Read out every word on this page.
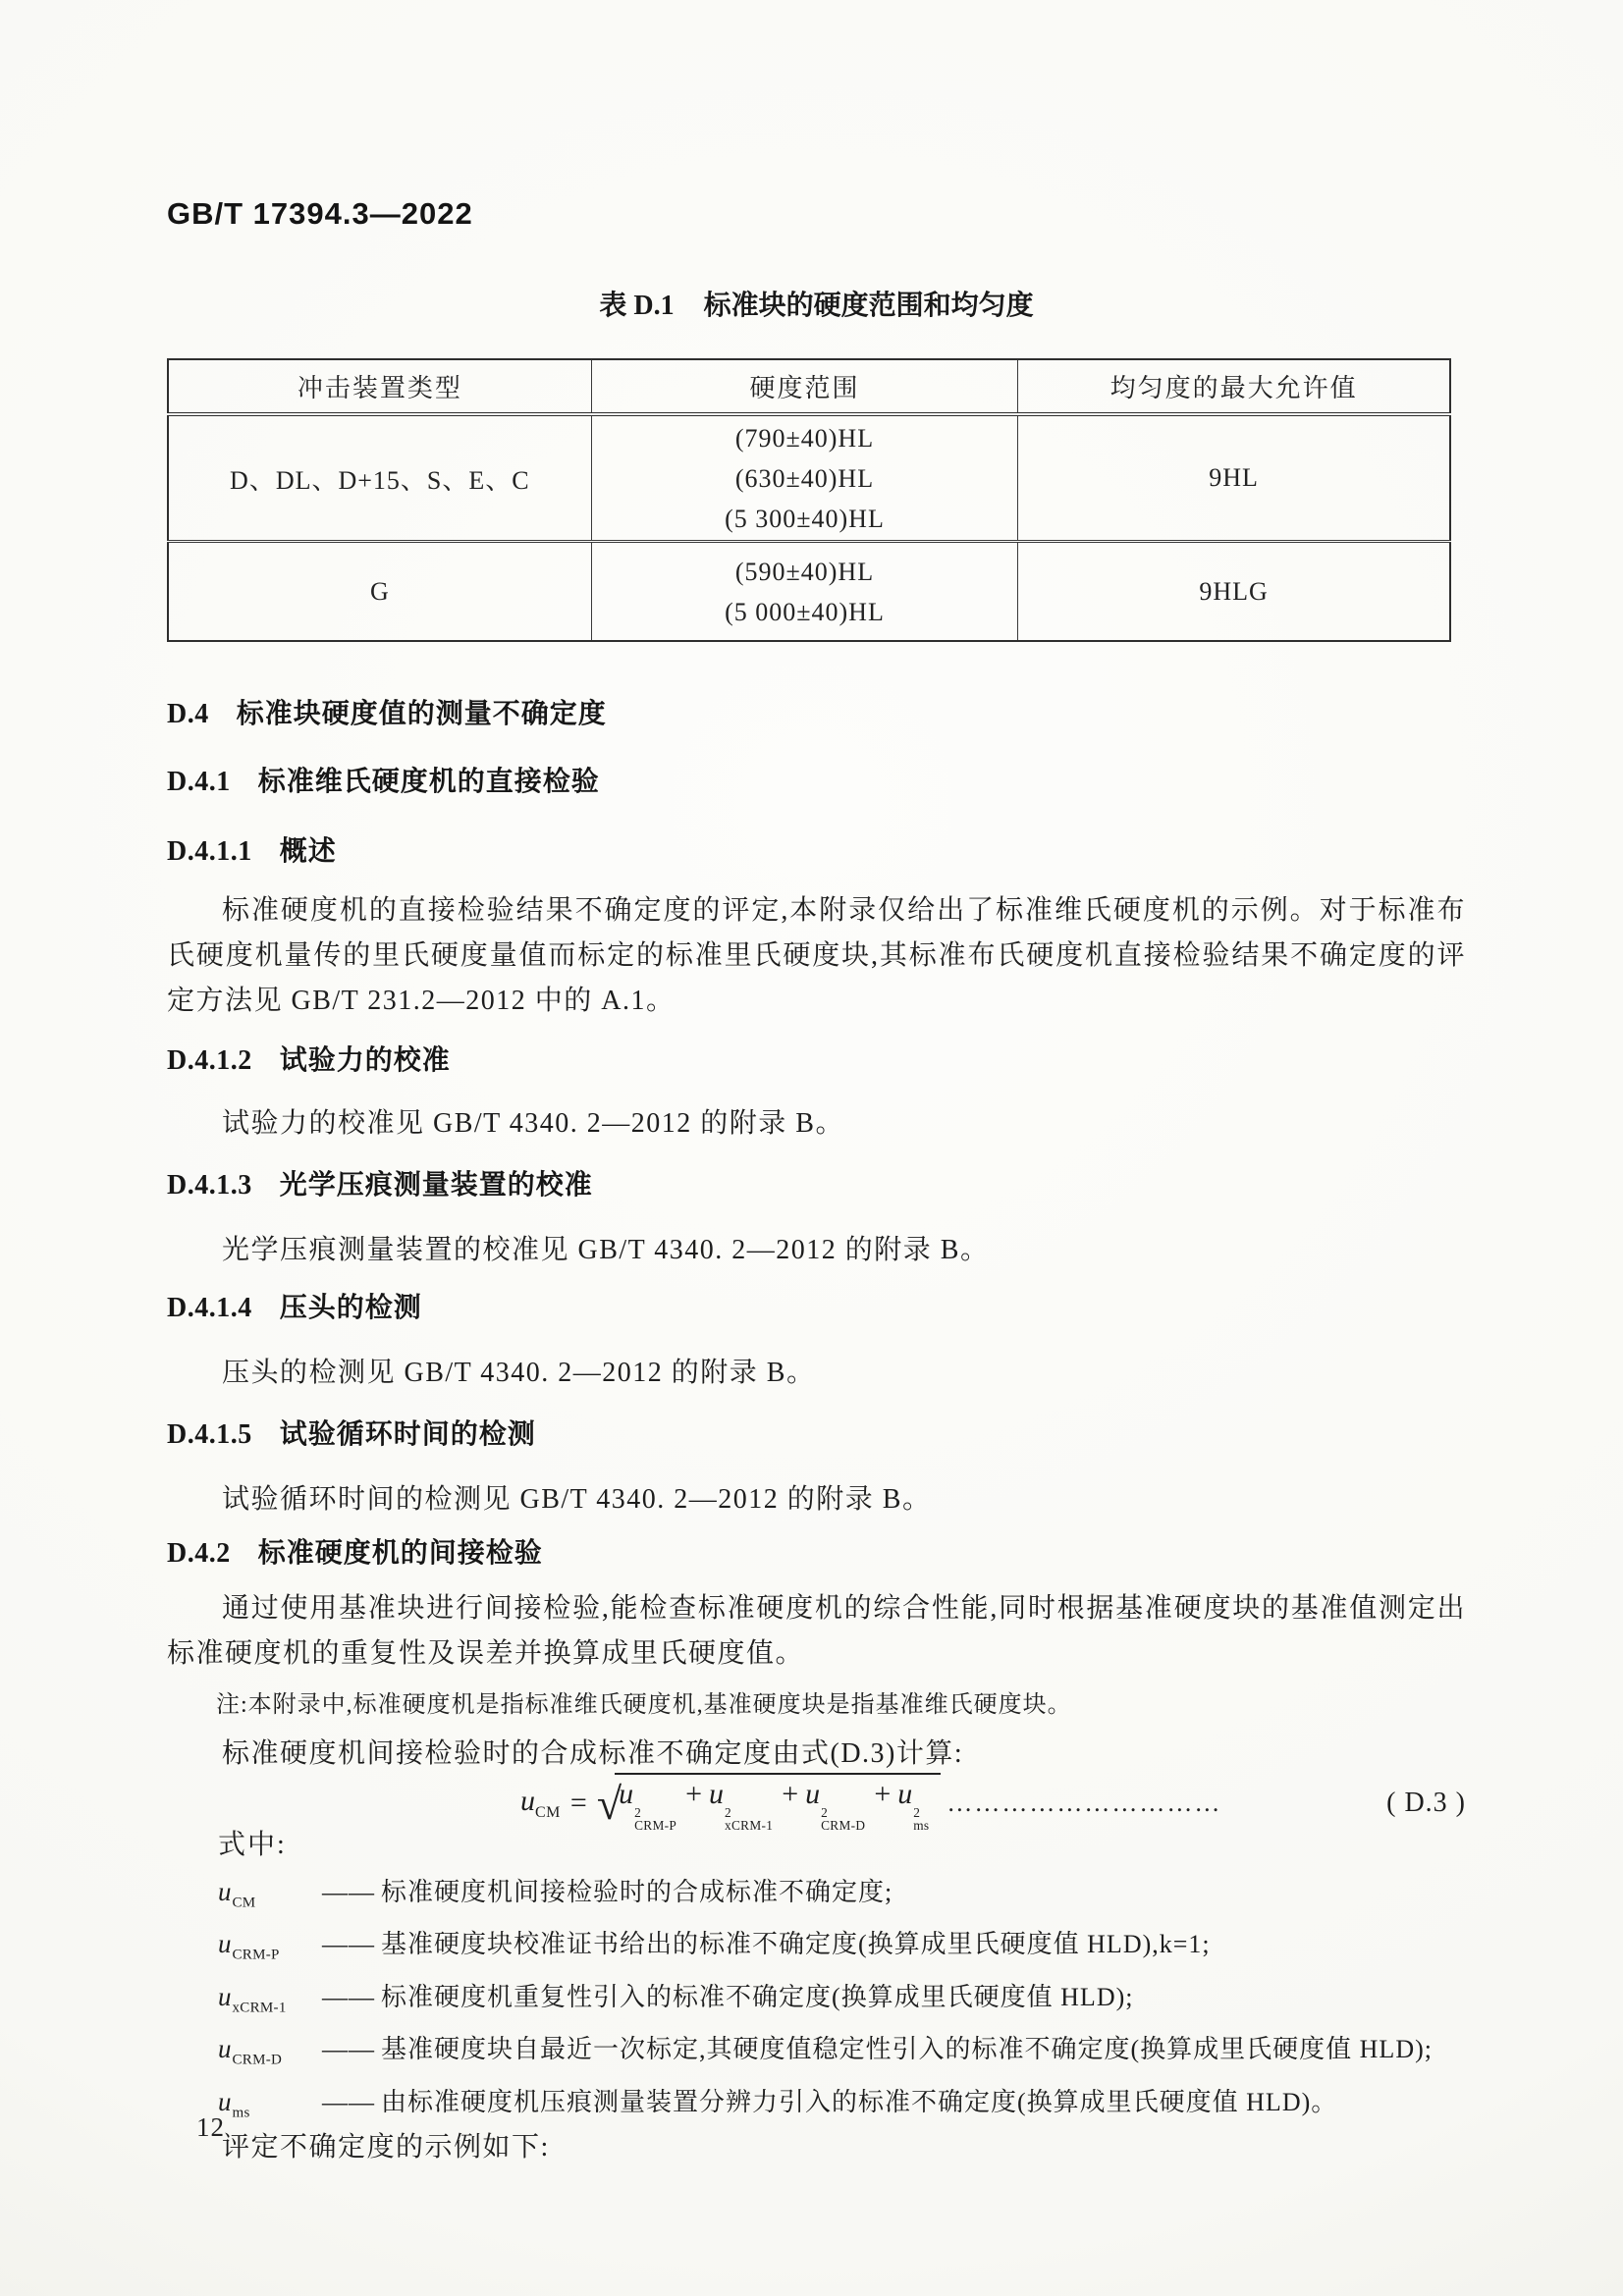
GB/T 17394.3—2022

表 D.1 标准块的硬度范围和均匀度
冲击装置类型	硬度范围	均匀度的最大允许值
D、DL、D+15、S、E、C	(790±40)HL
(630±40)HL
(5 300±40)HL	9HL
G	(590±40)HL
(5 000±40)HL	9HLG
D.4 标准块硬度值的测量不确定度
D.4.1 标准维氏硬度机的直接检验
D.4.1.1 概述

标准硬度机的直接检验结果不确定度的评定,本附录仅给出了标准维氏硬度机的示例。对于标准布氏硬度机量传的里氏硬度量值而标定的标准里氏硬度块,其标准布氏硬度机直接检验结果不确定度的评定方法见 GB/T 231.2—2012 中的 A.1。

D.4.1.2 试验力的校准

试验力的校准见 GB/T 4340. 2—2012 的附录 B。

D.4.1.3 光学压痕测量装置的校准

光学压痕测量装置的校准见 GB/T 4340. 2—2012 的附录 B。

D.4.1.4 压头的检测

压头的检测见 GB/T 4340. 2—2012 的附录 B。

D.4.1.5 试验循环时间的检测

试验循环时间的检测见 GB/T 4340. 2—2012 的附录 B。

D.4.2 标准硬度机的间接检验

通过使用基准块进行间接检验,能检查标准硬度机的综合性能,同时根据基准硬度块的基准值测定出标准硬度机的重复性及误差并换算成里氏硬度值。

注:本附录中,标准硬度机是指标准维氏硬度机,基准硬度块是指基准维氏硬度块。

标准硬度机间接检验时的合成标准不确定度由式(D.3)计算:

$u_{CM}$ = √
u
2
CRM-P
+ u
2
xCRM-1
+ u
2
CRM-D
+ u
2
ms
…………………………	( D.3 )

式中:

$u_{CM}$	—— 标准硬度机间接检验时的合成标准不确定度;
$u_{CRM-P}$ —— 基准硬度块校准证书给出的标准不确定度(换算成里氏硬度值 HLD),k=1;
$u_{xCRM-1}$ —— 标准硬度机重复性引入的标准不确定度(换算成里氏硬度值 HLD);
$u_{CRM-D}$ —— 基准硬度块自最近一次标定,其硬度值稳定性引入的标准不确定度(换算成里氏硬度值 HLD);
$u_{ms}$	—— 由标准硬度机压痕测量装置分辨力引入的标准不确定度(换算成里氏硬度值 HLD)。

评定不确定度的示例如下:

12
